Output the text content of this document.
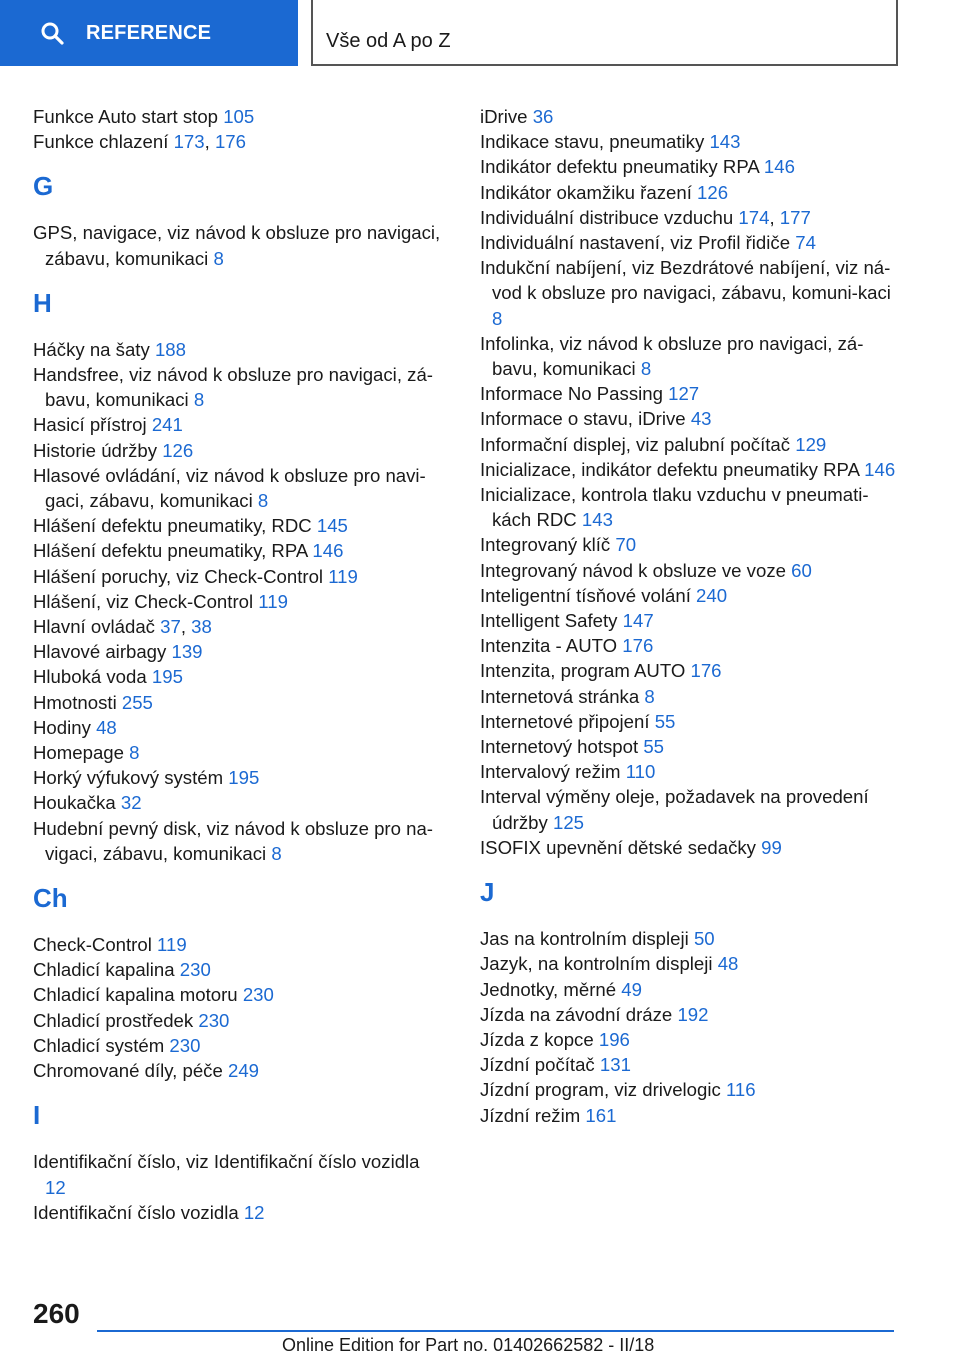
REFERENCE	Vše od A po Z
Funkce Auto start stop 105
Funkce chlazení 173, 176
G
GPS, navigace, viz návod k obsluze pro navigaci, zábavu, komunikaci 8
H
Háčky na šaty 188
Handsfree, viz návod k obsluze pro navigaci, zá-bavu, komunikaci 8
Hasicí přístroj 241
Historie údržby 126
Hlasové ovládání, viz návod k obsluze pro navi-gaci, zábavu, komunikaci 8
Hlášení defektu pneumatiky, RDC 145
Hlášení defektu pneumatiky, RPA 146
Hlášení poruchy, viz Check-Control 119
Hlášení, viz Check-Control 119
Hlavní ovládač 37, 38
Hlavové airbagy 139
Hluboká voda 195
Hmotnosti 255
Hodiny 48
Homepage 8
Horký výfukový systém 195
Houkačka 32
Hudební pevný disk, viz návod k obsluze pro na-vigaci, zábavu, komunikaci 8
Ch
Check-Control 119
Chladicí kapalina 230
Chladicí kapalina motoru 230
Chladicí prostředek 230
Chladicí systém 230
Chromované díly, péče 249
I
Identifikační číslo, viz Identifikační číslo vozidla 12
Identifikační číslo vozidla 12
iDrive 36
Indikace stavu, pneumatiky 143
Indikátor defektu pneumatiky RPA 146
Indikátor okamžiku řazení 126
Individuální distribuce vzduchu 174, 177
Individuální nastavení, viz Profil řidiče 74
Indukční nabíjení, viz Bezdrátové nabíjení, viz ná-vod k obsluze pro navigaci, zábavu, komuni-kaci 8
Infolinka, viz návod k obsluze pro navigaci, zá-bavu, komunikaci 8
Informace No Passing 127
Informace o stavu, iDrive 43
Informační displej, viz palubní počítač 129
Inicializace, indikátor defektu pneumatiky RPA 146
Inicializace, kontrola tlaku vzduchu v pneumati-kách RDC 143
Integrovaný klíč 70
Integrovaný návod k obsluze ve voze 60
Inteligentní tísňové volání 240
Intelligent Safety 147
Intenzita - AUTO 176
Intenzita, program AUTO 176
Internetová stránka 8
Internetové připojení 55
Internetový hotspot 55
Intervalový režim 110
Interval výměny oleje, požadavek na provedení údržby 125
ISOFIX upevnění dětské sedačky 99
J
Jas na kontrolním displeji 50
Jazyk, na kontrolním displeji 48
Jednotky, měrné 49
Jízda na závodní dráze 192
Jízda z kopce 196
Jízdní počítač 131
Jízdní program, viz drivelogic 116
Jízdní režim 161
260
Online Edition for Part no. 01402662582 - II/18
